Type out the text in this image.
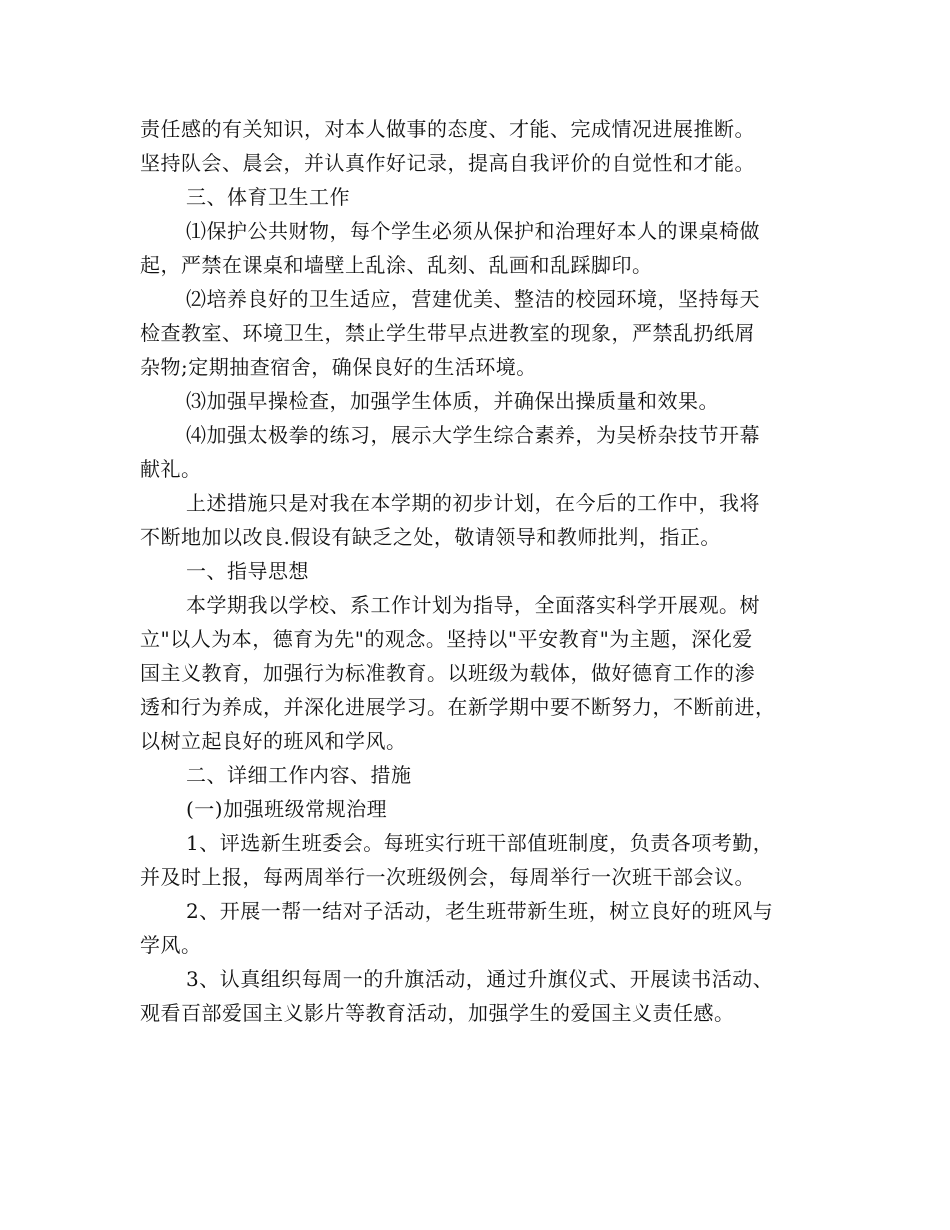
责任感的有关知识，对本人做事的态度、才能、完成情况进展推断。
坚持队会、晨会，并认真作好记录，提高自我评价的自觉性和才能。
三、体育卫生工作
⑴保护公共财物，每个学生必须从保护和治理好本人的课桌椅做
起，严禁在课桌和墙壁上乱涂、乱刻、乱画和乱踩脚印。
⑵培养良好的卫生适应，营建优美、整洁的校园环境，坚持每天
检查教室、环境卫生，禁止学生带早点进教室的现象，严禁乱扔纸屑
杂物;定期抽查宿舍，确保良好的生活环境。
⑶加强早操检查，加强学生体质，并确保出操质量和效果。
⑷加强太极拳的练习，展示大学生综合素养，为吴桥杂技节开幕
献礼。
上述措施只是对我在本学期的初步计划，在今后的工作中，我将
不断地加以改良.假设有缺乏之处，敬请领导和教师批判，指正。
一、指导思想
本学期我以学校、系工作计划为指导，全面落实科学开展观。树
立"以人为本，德育为先"的观念。坚持以"平安教育"为主题，深化爱
国主义教育，加强行为标准教育。以班级为载体，做好德育工作的渗
透和行为养成，并深化进展学习。在新学期中要不断努力，不断前进，
以树立起良好的班风和学风。
二、详细工作内容、措施
(一)加强班级常规治理
1、评选新生班委会。每班实行班干部值班制度，负责各项考勤，
并及时上报，每两周举行一次班级例会，每周举行一次班干部会议。
2、开展一帮一结对子活动，老生班带新生班，树立良好的班风与
学风。
3、认真组织每周一的升旗活动，通过升旗仪式、开展读书活动、
观看百部爱国主义影片等教育活动，加强学生的爱国主义责任感。
